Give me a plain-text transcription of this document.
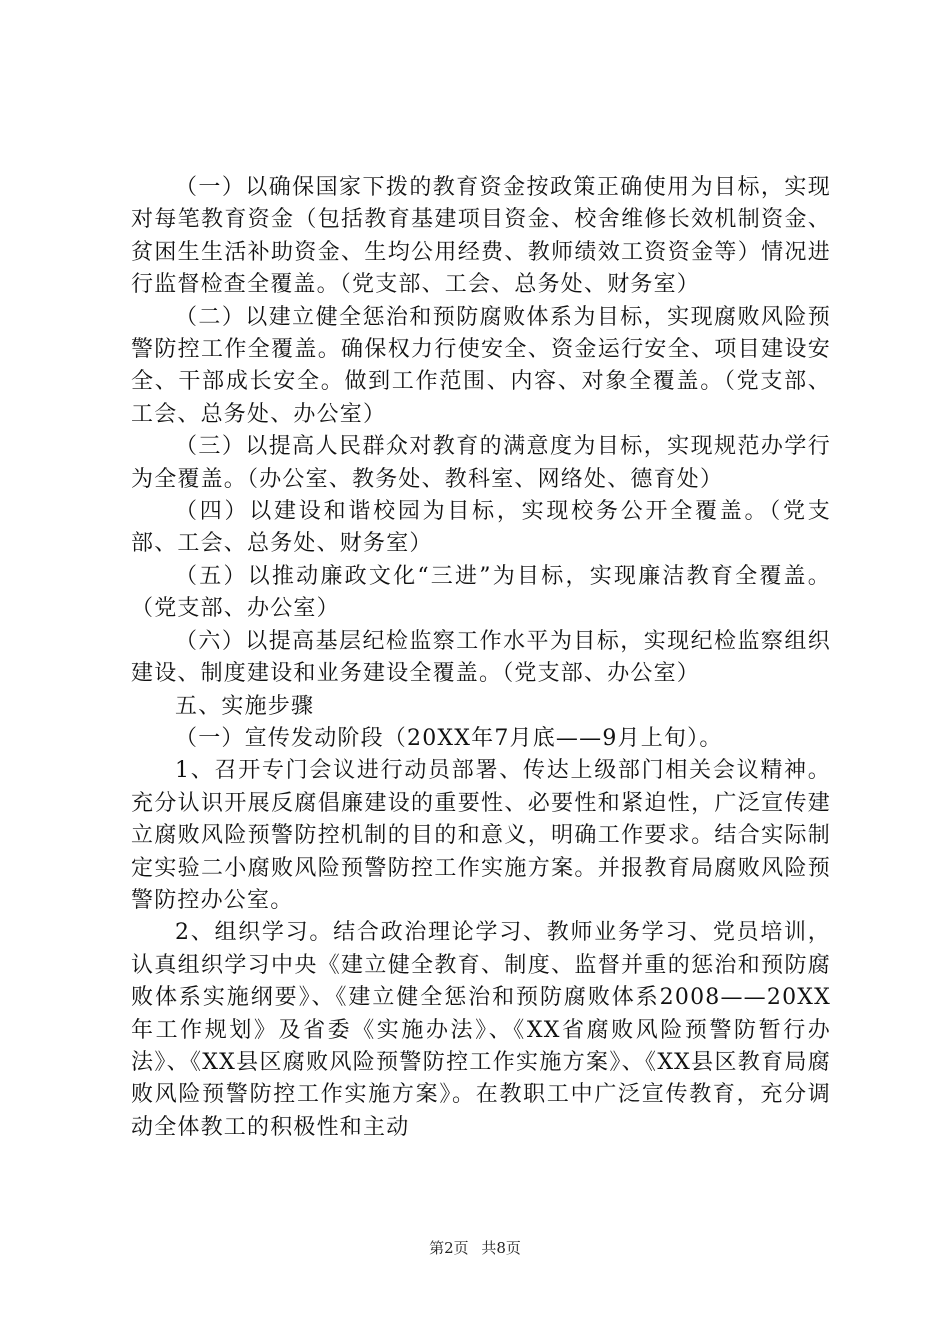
（一）以确保国家下拨的教育资金按政策正确使用为目标，实现对每笔教育资金（包括教育基建项目资金、校舍维修长效机制资金、贫困生生活补助资金、生均公用经费、教师绩效工资资金等）情况进行监督检查全覆盖。（党支部、工会、总务处、财务室）

（二）以建立健全惩治和预防腐败体系为目标，实现腐败风险预警防控工作全覆盖。确保权力行使安全、资金运行安全、项目建设安全、干部成长安全。做到工作范围、内容、对象全覆盖。（党支部、工会、总务处、办公室）

（三）以提高人民群众对教育的满意度为目标，实现规范办学行为全覆盖。（办公室、教务处、教科室、网络处、德育处）

（四）以建设和谐校园为目标，实现校务公开全覆盖。（党支部、工会、总务处、财务室）

（五）以推动廉政文化“三进”为目标，实现廉洁教育全覆盖。（党支部、办公室）

（六）以提高基层纪检监察工作水平为目标，实现纪检监察组织建设、制度建设和业务建设全覆盖。（党支部、办公室）

五、实施步骤

（一）宣传发动阶段（20XX年7月底——9月上旬）。

1、召开专门会议进行动员部署、传达上级部门相关会议精神。充分认识开展反腐倡廉建设的重要性、必要性和紧迫性，广泛宣传建立腐败风险预警防控机制的目的和意义，明确工作要求。结合实际制定实验二小腐败风险预警防控工作实施方案。并报教育局腐败风险预警防控办公室。

2、组织学习。结合政治理论学习、教师业务学习、党员培训，认真组织学习中央《建立健全教育、制度、监督并重的惩治和预防腐败体系实施纲要》、《建立健全惩治和预防腐败体系2008——20XX年工作规划》及省委《实施办法》、《XX省腐败风险预警防暂行办法》、《XX县区腐败风险预警防控工作实施方案》、《XX县区教育局腐败风险预警防控工作实施方案》。在教职工中广泛宣传教育，充分调动全体教工的积极性和主动

第2页 共8页
